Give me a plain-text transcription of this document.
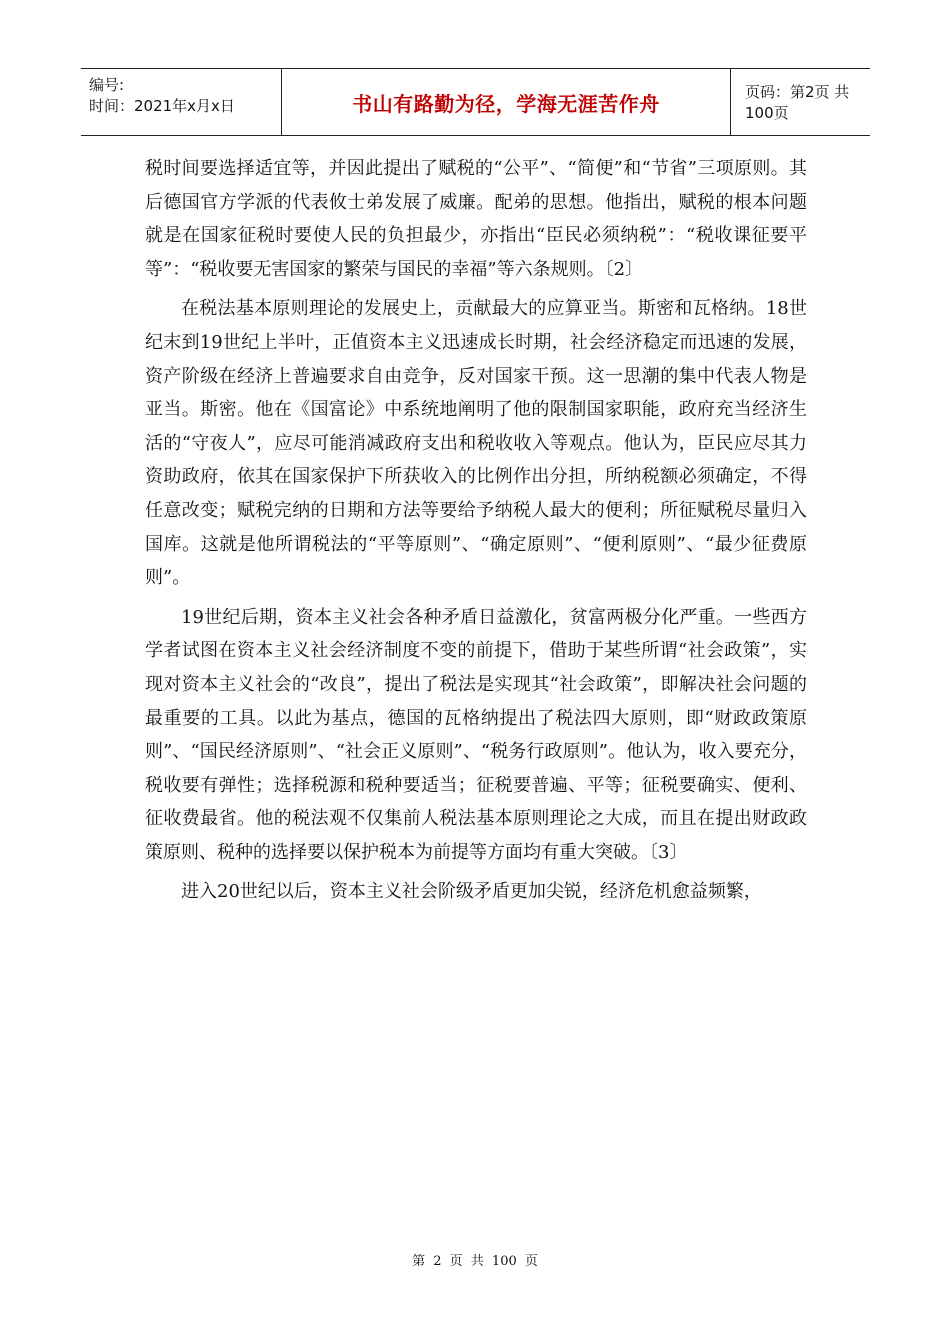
编号:
时间：2021年x月x日	书山有路勤为径，学海无涯苦作舟	页码：第2页 共100页

税时间要选择适宜等，并因此提出了赋税的“公平”、“简便”和“节省”三项原则。其后德国官方学派的代表攸士弟发展了威廉。配弟的思想。他指出，赋税的根本问题就是在国家征税时要使人民的负担最少，亦指出“臣民必须纳税”：“税收课征要平等”：“税收要无害国家的繁荣与国民的幸福”等六条规则。〔2〕

在税法基本原则理论的发展史上，贡献最大的应算亚当。斯密和瓦格纳。18世纪末到19世纪上半叶，正值资本主义迅速成长时期，社会经济稳定而迅速的发展，资产阶级在经济上普遍要求自由竞争，反对国家干预。这一思潮的集中代表人物是亚当。斯密。他在《国富论》中系统地阐明了他的限制国家职能，政府充当经济生活的“守夜人”，应尽可能消减政府支出和税收收入等观点。他认为，臣民应尽其力资助政府，依其在国家保护下所获收入的比例作出分担，所纳税额必须确定，不得任意改变；赋税完纳的日期和方法等要给予纳税人最大的便利；所征赋税尽量归入国库。这就是他所谓税法的“平等原则”、“确定原则”、“便利原则”、“最少征费原则”。

19世纪后期，资本主义社会各种矛盾日益激化，贫富两极分化严重。一些西方学者试图在资本主义社会经济制度不变的前提下，借助于某些所谓“社会政策”，实现对资本主义社会的“改良”，提出了税法是实现其“社会政策”，即解决社会问题的最重要的工具。以此为基点，德国的瓦格纳提出了税法四大原则，即“财政政策原则”、“国民经济原则”、“社会正义原则”、“税务行政原则”。他认为，收入要充分，税收要有弹性；选择税源和税种要适当；征税要普遍、平等；征税要确实、便利、征收费最省。他的税法观不仅集前人税法基本原则理论之大成，而且在提出财政政策原则、税种的选择要以保护税本为前提等方面均有重大突破。〔3〕

进入20世纪以后，资本主义社会阶级矛盾更加尖锐，经济危机愈益频繁，

第 2 页 共 100 页
